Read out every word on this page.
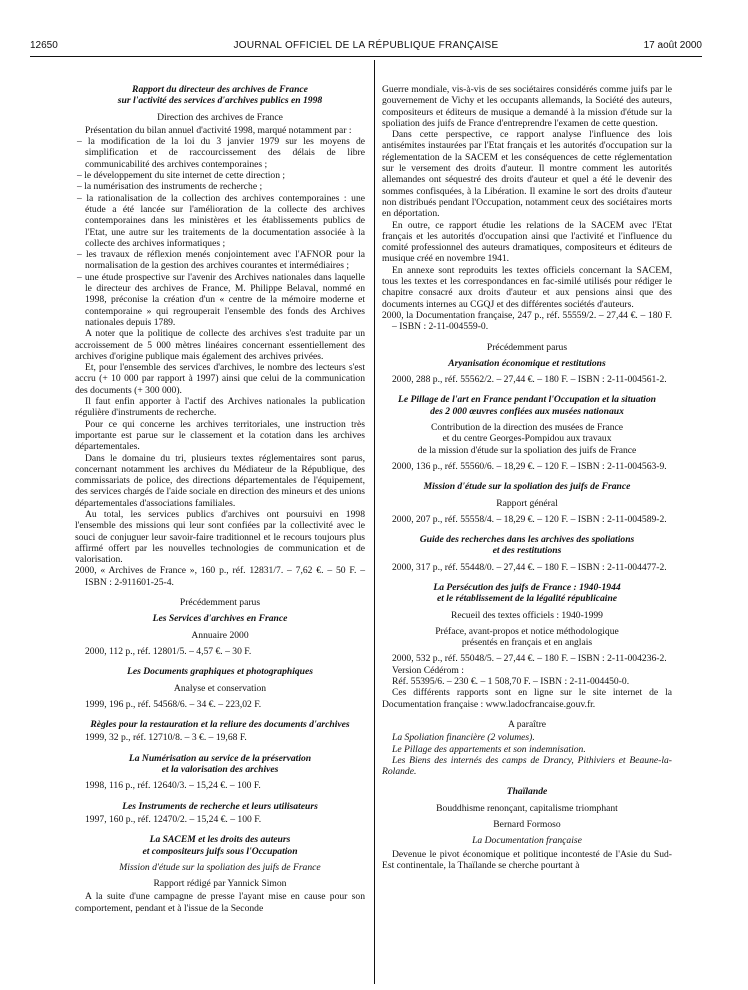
12650	JOURNAL OFFICIEL DE LA RÉPUBLIQUE FRANÇAISE	17 août 2000

Rapport du directeur des archives de France

sur l'activité des services d'archives publics en 1998

Direction des archives de France

Présentation du bilan annuel d'activité 1998, marqué notamment par :

– la modification de la loi du 3 janvier 1979 sur les moyens de simplification et de raccourcissement des délais de libre communicabilité des archives contemporaines ;

– le développement du site internet de cette direction ;

– la numérisation des instruments de recherche ;

– la rationalisation de la collection des archives contemporaines : une étude a été lancée sur l'amélioration de la collecte des archives contemporaines dans les ministères et les établissements publics de l'Etat, une autre sur les traitements de la documentation associée à la collecte des archives informatiques ;

– les travaux de réflexion menés conjointement avec l'AFNOR pour la normalisation de la gestion des archives courantes et intermédiaires ;

– une étude prospective sur l'avenir des Archives nationales dans laquelle le directeur des archives de France, M. Philippe Belaval, nommé en 1998, préconise la création d'un « centre de la mémoire moderne et contemporaine » qui regrouperait l'ensemble des fonds des Archives nationales depuis 1789.

A noter que la politique de collecte des archives s'est traduite par un accroissement de 5 000 mètres linéaires concernant essentiellement des archives d'origine publique mais également des archives privées.

Et, pour l'ensemble des services d'archives, le nombre des lecteurs s'est accru (+ 10 000 par rapport à 1997) ainsi que celui de la communication des documents (+ 300 000).

Il faut enfin apporter à l'actif des Archives nationales la publication régulière d'instruments de recherche.

Pour ce qui concerne les archives territoriales, une instruction très importante est parue sur le classement et la cotation dans les archives départementales.

Dans le domaine du tri, plusieurs textes réglementaires sont parus, concernant notamment les archives du Médiateur de la République, des commissariats de police, des directions départementales de l'équipement, des services chargés de l'aide sociale en direction des mineurs et des unions départementales d'associations familiales.

Au total, les services publics d'archives ont poursuivi en 1998 l'ensemble des missions qui leur sont confiées par la collectivité avec le souci de conjuguer leur savoir-faire traditionnel et le recours toujours plus affirmé offert par les nouvelles technologies de communication et de valorisation.

2000, « Archives de France », 160 p., réf. 12831/7. – 7,62 €. – 50 F. – ISBN : 2-911601-25-4.

Précédemment parus

Les Services d'archives en France

Annuaire 2000

2000, 112 p., réf. 12801/5. – 4,57 €. – 30 F.

Les Documents graphiques et photographiques

Analyse et conservation

1999, 196 p., réf. 54568/6. – 34 €. – 223,02 F.

Règles pour la restauration et la reliure des documents d'archives

1999, 32 p., réf. 12710/8. – 3 €. – 19,68 F.

La Numérisation au service de la préservation

et la valorisation des archives

1998, 116 p., réf. 12640/3. – 15,24 €. – 100 F.

Les Instruments de recherche et leurs utilisateurs

1997, 160 p., réf. 12470/2. – 15,24 €. – 100 F.

La SACEM et les droits des auteurs

et compositeurs juifs sous l'Occupation

Mission d'étude sur la spoliation des juifs de France

Rapport rédigé par Yannick Simon

A la suite d'une campagne de presse l'ayant mise en cause pour son comportement, pendant et à l'issue de la Seconde

Guerre mondiale, vis-à-vis de ses sociétaires considérés comme juifs par le gouvernement de Vichy et les occupants allemands, la Société des auteurs, compositeurs et éditeurs de musique a demandé à la mission d'étude sur la spoliation des juifs de France d'entreprendre l'examen de cette question.

Dans cette perspective, ce rapport analyse l'influence des lois antisémites instaurées par l'Etat français et les autorités d'occupation sur la réglementation de la SACEM et les conséquences de cette réglementation sur le versement des droits d'auteur. Il montre comment les autorités allemandes ont séquestré des droits d'auteur et quel a été le devenir des sommes confisquées, à la Libération. Il examine le sort des droits d'auteur non distribués pendant l'Occupation, notamment ceux des sociétaires morts en déportation.

En outre, ce rapport étudie les relations de la SACEM avec l'Etat français et les autorités d'occupation ainsi que l'activité et l'influence du comité professionnel des auteurs dramatiques, compositeurs et éditeurs de musique créé en novembre 1941.

En annexe sont reproduits les textes officiels concernant la SACEM, tous les textes et les correspondances en fac-similé utilisés pour rédiger le chapitre consacré aux droits d'auteur et aux pensions ainsi que des documents internes au CGQJ et des différentes sociétés d'auteurs.

2000, la Documentation française, 247 p., réf. 55559/2. – 27,44 €. – 180 F. – ISBN : 2-11-004559-0.

Précédemment parus

Aryanisation économique et restitutions

2000, 288 p., réf. 55562/2. – 27,44 €. – 180 F. – ISBN : 2-11-004561-2.

Le Pillage de l'art en France pendant l'Occupation et la situation

des 2 000 œuvres confiées aux musées nationaux

Contribution de la direction des musées de France

et du centre Georges-Pompidou aux travaux

de la mission d'étude sur la spoliation des juifs de France

2000, 136 p., réf. 55560/6. – 18,29 €. – 120 F. – ISBN : 2-11-004563-9.

Mission d'étude sur la spoliation des juifs de France

Rapport général

2000, 207 p., réf. 55558/4. – 18,29 €. – 120 F. – ISBN : 2-11-004589-2.

Guide des recherches dans les archives des spoliations

et des restitutions

2000, 317 p., réf. 55448/0. – 27,44 €. – 180 F. – ISBN : 2-11-004477-2.

La Persécution des juifs de France : 1940-1944

et le rétablissement de la légalité républicaine

Recueil des textes officiels : 1940-1999

Préface, avant-propos et notice méthodologique

présentés en français et en anglais

2000, 532 p., réf. 55048/5. – 27,44 €. – 180 F. – ISBN : 2-11-004236-2.

Version Cédérom :

Réf. 55395/6. – 230 €. – 1 508,70 F. – ISBN : 2-11-004450-0.

Ces différents rapports sont en ligne sur le site internet de la Documentation française : www.ladocfrancaise.gouv.fr.

A paraître

La Spoliation financière (2 volumes).

Le Pillage des appartements et son indemnisation.

Les Biens des internés des camps de Drancy, Pithiviers et Beaune-la-Rolande.

Thaïlande

Bouddhisme renonçant, capitalisme triomphant

Bernard Formoso

La Documentation française

Devenue le pivot économique et politique incontesté de l'Asie du Sud-Est continentale, la Thaïlande se cherche pourtant à
